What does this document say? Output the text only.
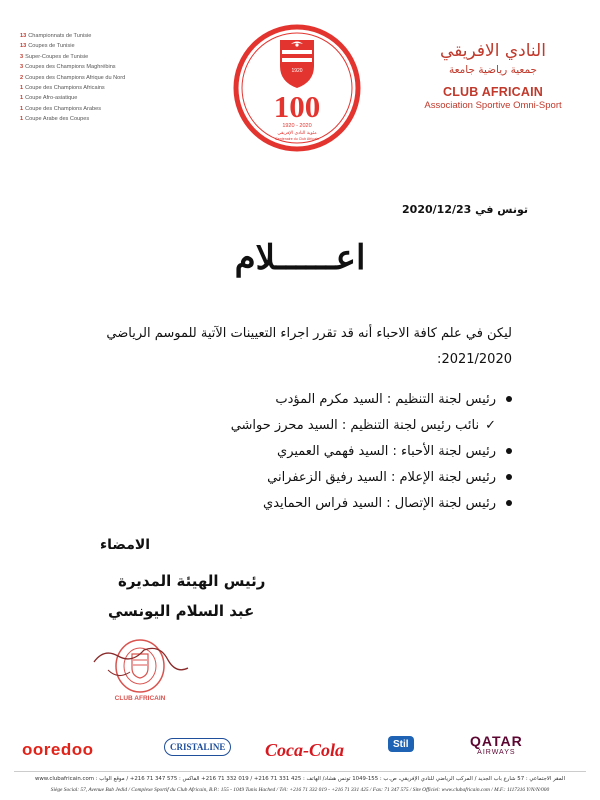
13 Championnats de Tunisie
13 Coupes de Tunisie
3 Super-Coupes de Tunisie
3 Coupes des Champions Maghrébins
2 Coupes des Champions Afrique du Nord
1 Coupe des Champions Africains
1 Coupe Afro-asiatique
1 Coupe des Champions Arabes
1 Coupe Arabe des Coupes
1920
100
1920 - 2020
مئوية النادي الإفريقي
Centenaire du Club Africain
النادي الافريقي
جمعية رياضية جامعة
CLUB AFRICAIN
Association Sportive Omni-Sport
تونس في 2020/12/23
اعــــــلام
ليكن في علم كافة الاحباء أنه قد تقرر اجراء التعيينات الآتية للموسم الرياضي 2021/2020:
رئيس لجنة التنظيم : السيد مكرم المؤدب
✓نائب رئيس لجنة التنظيم : السيد محرز حواشي
رئيس لجنة الأحباء : السيد فهمي العميري
رئيس لجنة الإعلام : السيد رفيق الزعفراني
رئيس لجنة الإتصال : السيد فراس الحمايدي
الامضاء
رئيس الهيئة المديرة
عبد السلام اليونسي
CLUB AFRICAIN
ooredoo	CRISTALINE	Coca-Cola	Stil	QATAR
AIRWAYS
المقر الاجتماعي : 57 شارع باب الجديد / المركب الرياضي للنادي الإفريقي، ص.ب : 155-1049 تونس هشاد/ الهاتف : 425 331 71 216+ / 019 332 71 216+ الفاكس : 575 347 71 216+ / موقع الواب : www.clubafricain.com
Siège Social: 57, Avenue Bab Jedid / Complexe Sportif du Club Africain, B.P.: 155 - 1049 Tunis Hached / Tél: +216 71 332 019 - +216 71 331 425 / Fax: 71 347 575 / Site Officiel: www.clubafricain.com / M.F.: 1117316 Y/N/N/000
